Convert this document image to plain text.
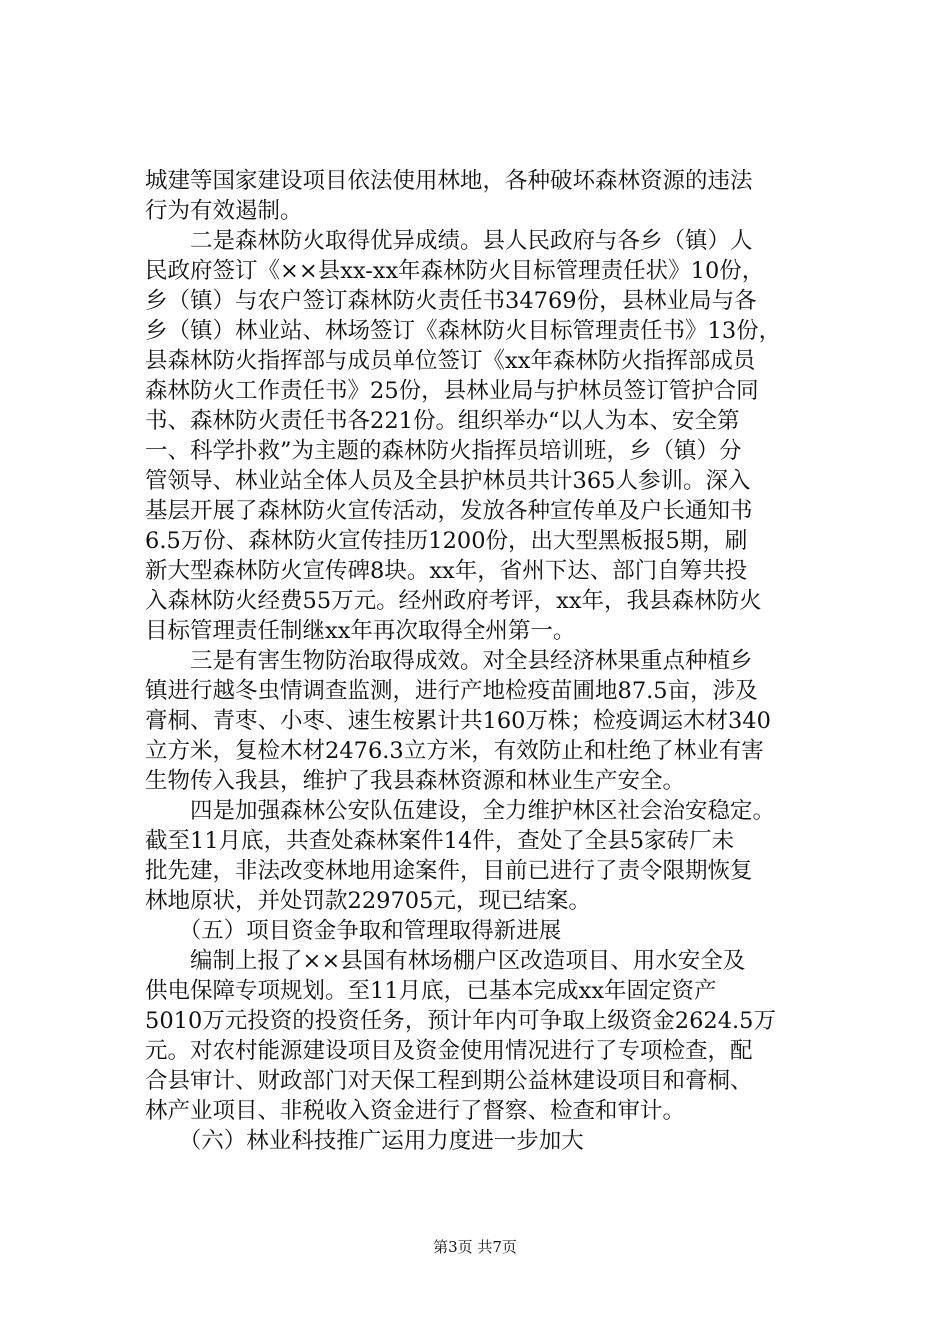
城建等国家建设项目依法使用林地，各种破坏森林资源的违法
行为有效遏制。
　　二是森林防火取得优异成绩。县人民政府与各乡（镇）人
民政府签订《××县xx-xx年森林防火目标管理责任状》10份，
乡（镇）与农户签订森林防火责任书34769份，县林业局与各
乡（镇）林业站、林场签订《森林防火目标管理责任书》13份，
县森林防火指挥部与成员单位签订《xx年森林防火指挥部成员
森林防火工作责任书》25份，县林业局与护林员签订管护合同
书、森林防火责任书各221份。组织举办“以人为本、安全第
一、科学扑救”为主题的森林防火指挥员培训班，乡（镇）分
管领导、林业站全体人员及全县护林员共计365人参训。深入
基层开展了森林防火宣传活动，发放各种宣传单及户长通知书
6.5万份、森林防火宣传挂历1200份，出大型黑板报5期，刷
新大型森林防火宣传碑8块。xx年，省州下达、部门自筹共投
入森林防火经费55万元。经州政府考评，xx年，我县森林防火
目标管理责任制继xx年再次取得全州第一。
　　三是有害生物防治取得成效。对全县经济林果重点种植乡
镇进行越冬虫情调查监测，进行产地检疫苗圃地87.5亩，涉及
膏桐、青枣、小枣、速生桉累计共160万株；检疫调运木材340
立方米，复检木材2476.3立方米，有效防止和杜绝了林业有害
生物传入我县，维护了我县森林资源和林业生产安全。
　　四是加强森林公安队伍建设，全力维护林区社会治安稳定。
截至11月底，共查处森林案件14件，查处了全县5家砖厂未
批先建，非法改变林地用途案件，目前已进行了责令限期恢复
林地原状，并处罚款229705元，现已结案。
　　（五）项目资金争取和管理取得新进展
　　编制上报了××县国有林场棚户区改造项目、用水安全及
供电保障专项规划。至11月底，已基本完成xx年固定资产
5010万元投资的投资任务，预计年内可争取上级资金2624.5万
元。对农村能源建设项目及资金使用情况进行了专项检查，配
合县审计、财政部门对天保工程到期公益林建设项目和膏桐、
林产业项目、非税收入资金进行了督察、检查和审计。
　　（六）林业科技推广运用力度进一步加大
第3页 共7页
